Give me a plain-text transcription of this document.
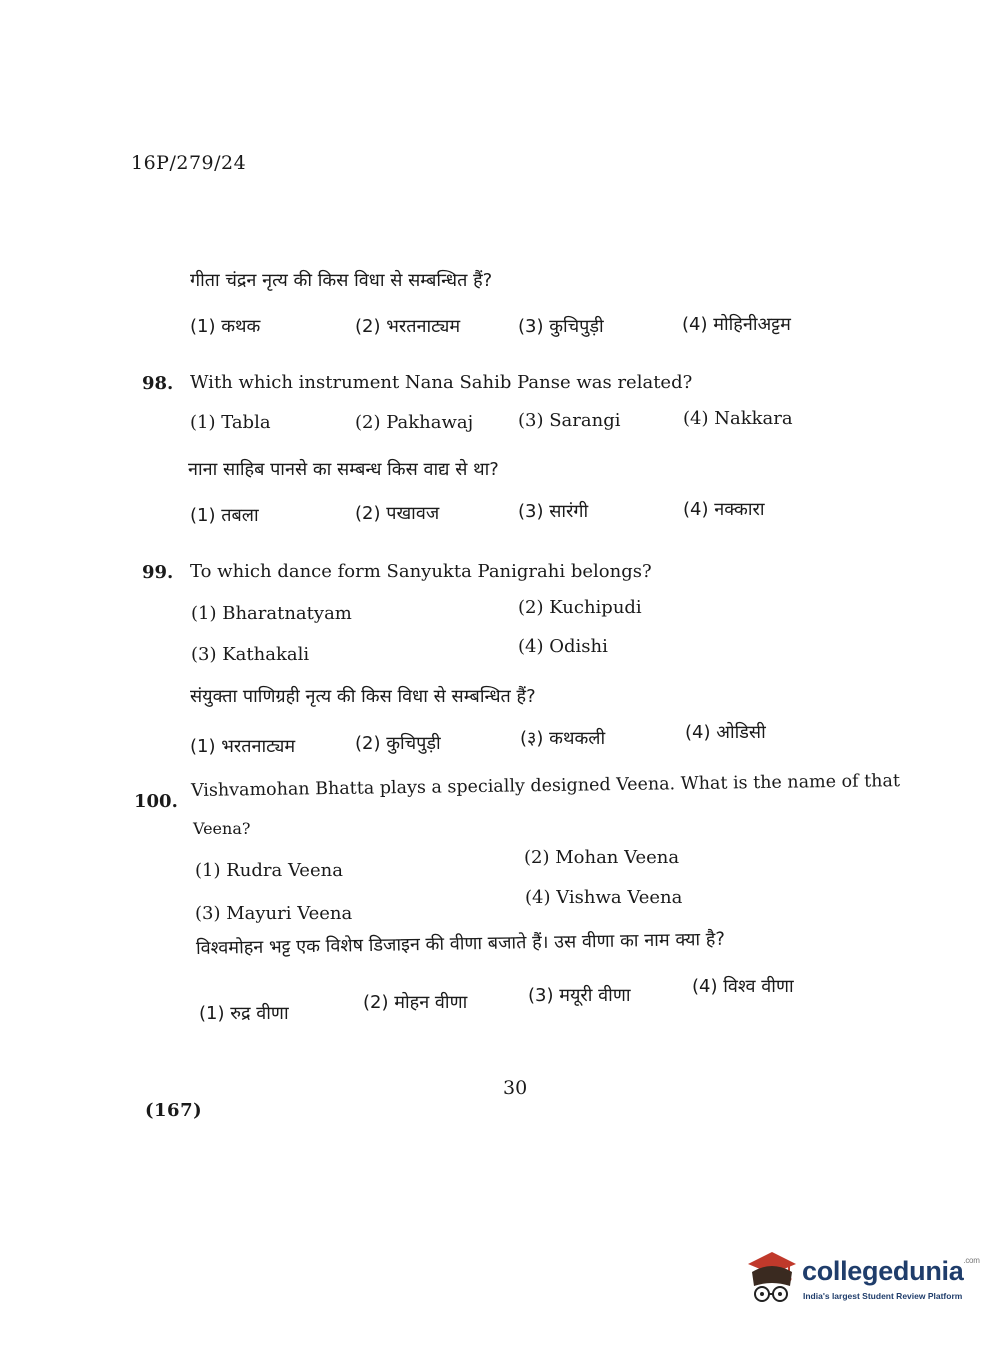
16P/279/24
गीता चंद्रन नृत्य की किस विधा से सम्बन्धित हैं?
(1) कथक	(2) भरतनाट्यम	(3) कुचिपुड़ी	(4) मोहिनीअट्टम
98. With which instrument Nana Sahib Panse was related?
(1) Tabla	(2) Pakhawaj (3) Sarangi	(4) Nakkara
नाना साहिब पानसे का सम्बन्ध किस वाद्य से था?
(1) तबला	(2) पखावज	(3) सारंगी	(4) नक्कारा
99. To which dance form Sanyukta Panigrahi belongs?
(1) Bharatnatyam	(2) Kuchipudi
(3) Kathakali	(4) Odishi
संयुक्ता पाणिग्रही नृत्य की किस विधा से सम्बन्धित हैं?
(1) भरतनाट्यम	(2) कुचिपुड़ी	(३) कथकली	(4) ओडिसी
100.
Vishvamohan Bhatta plays a specially designed Veena. What is the name of that
Veena?
(1) Rudra Veena
(2) Mohan Veena
(3) Mayuri Veena
(4) Vishwa Veena
विश्वमोहन भट्ट एक विशेष डिजाइन की वीणा बजाते हैं। उस वीणा का नाम क्या है?
(1) रुद्र वीणा
(2) मोहन वीणा	(3) मयूरी वीणा	(4) विश्व वीणा
30
(167)
collegedunia$^{.com}$
India's largest Student Review Platform
